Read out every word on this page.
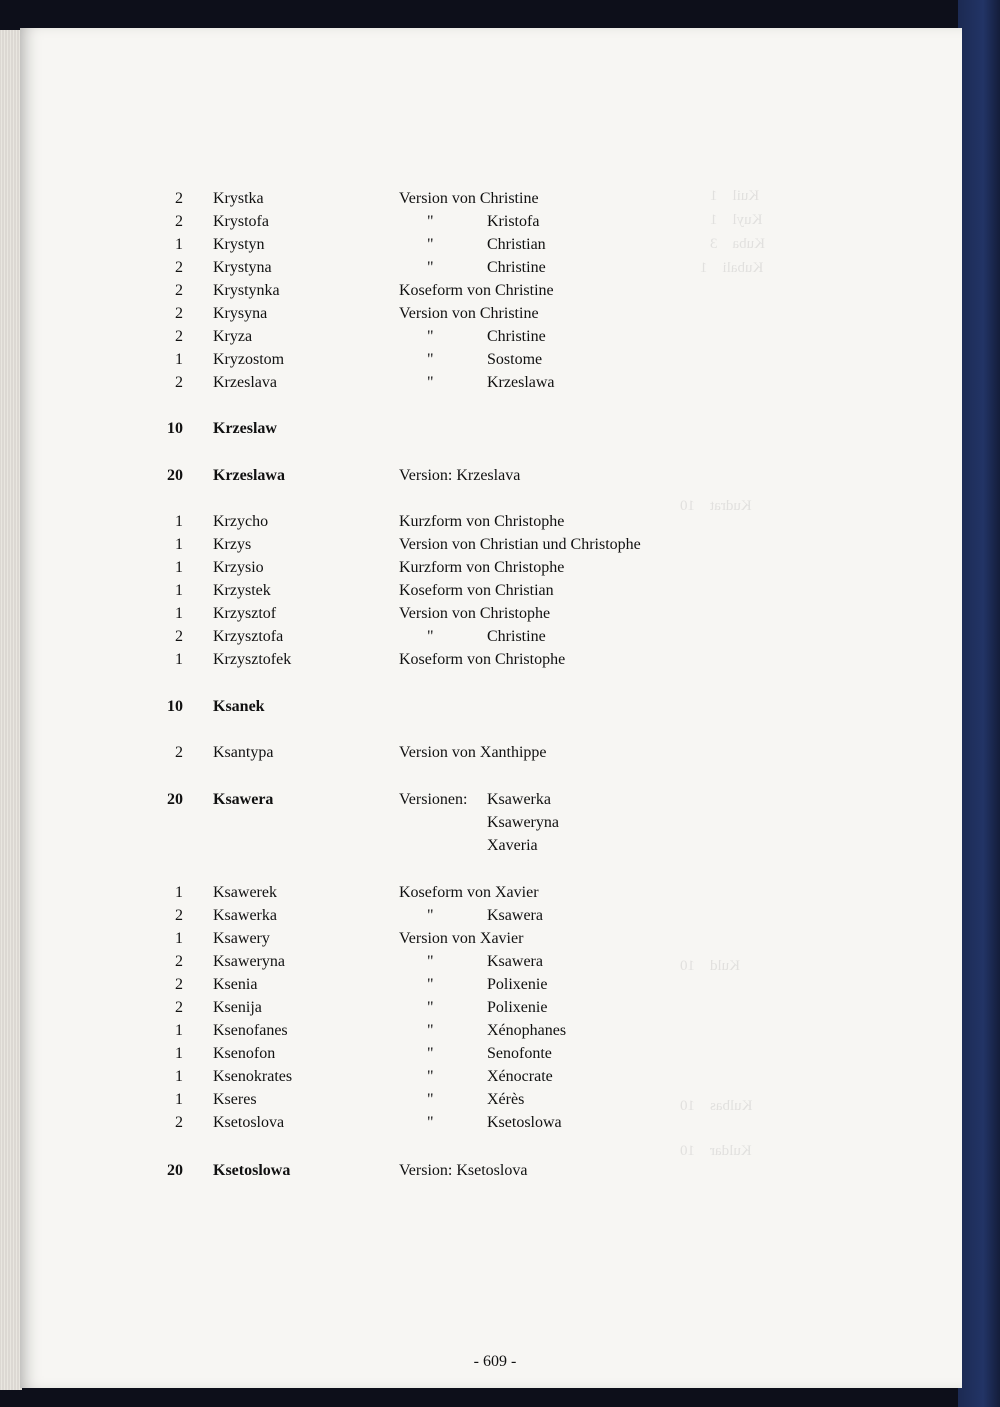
Kuil    1
Kuyl    1
Kuba    3
Kubali    1
Kudrat    10
Kuld    10
Kulbas    10
Kuldar    10
2 Krystka	Version von Christine
2 Krystofa	"	Kristofa
1 Krystyn	"	Christian
2 Krystyna	"	Christine
2 Krystynka	Koseform von Christine
2 Krysyna	Version von Christine
2 Kryza	"	Christine
1 Kryzostom	"	Sostome
2 Krzeslava	"	Krzeslawa
10 Krzeslaw
20 Krzeslawa	Version: Krzeslava
1 Krzycho	Kurzform von Christophe
1 Krzys	Version von Christian und Christophe
1 Krzysio	Kurzform von Christophe
1 Krzystek	Koseform von Christian
1 Krzysztof	Version von Christophe
2 Krzysztofa	"	Christine
1 Krzysztofek	Koseform von Christophe
10 Ksanek
2 Ksantypa	Version von Xanthippe
20 Ksawera	Versionen: Ksawerka
Ksaweryna
Xaveria
1 Ksawerek	Koseform von Xavier
2 Ksawerka	"	Ksawera
1 Ksawery	Version von Xavier
2 Ksaweryna	"	Ksawera
2 Ksenia	"	Polixenie
2 Ksenija	"	Polixenie
1 Ksenofanes	"	Xénophanes
1 Ksenofon	"	Senofonte
1 Ksenokrates	"	Xénocrate
1 Kseres	"	Xérès
2 Ksetoslova	"	Ksetoslowa
20 Ksetoslowa	Version: Ksetoslova
- 609 -
